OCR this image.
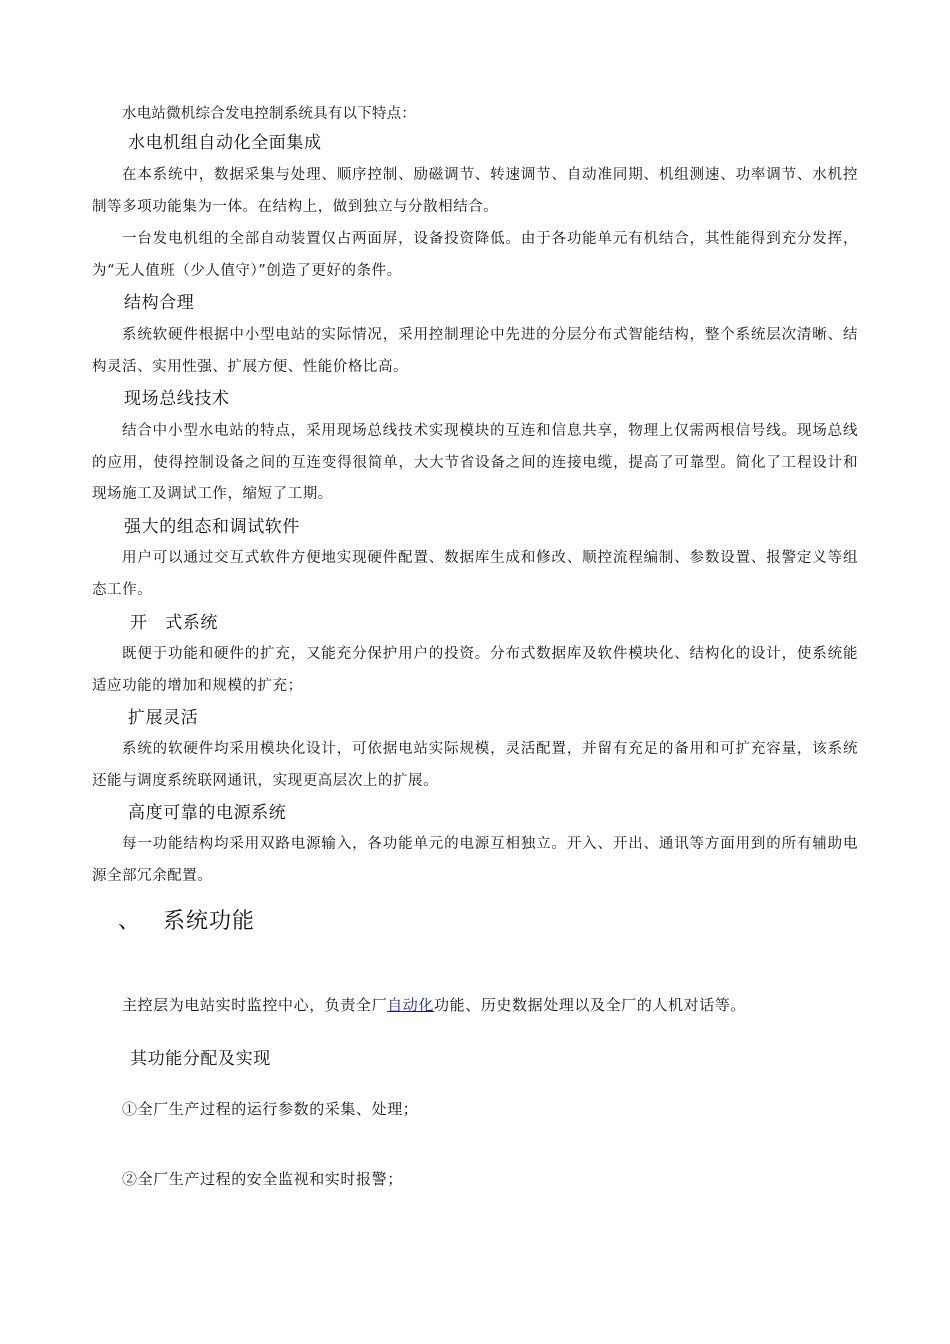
水电站微机综合发电控制系统具有以下特点：
水电机组自动化全面集成
在本系统中，数据采集与处理、顺序控制、励磁调节、转速调节、自动准同期、机组测速、功率调节、水机控制等多项功能集为一体。在结构上，做到独立与分散相结合。
一台发电机组的全部自动装置仅占两面屏，设备投资降低。由于各功能单元有机结合，其性能得到充分发挥，为“无人值班（少人值守）”创造了更好的条件。
结构合理
系统软硬件根据中小型电站的实际情况，采用控制理论中先进的分层分布式智能结构，整个系统层次清晰、结构灵活、实用性强、扩展方便、性能价格比高。
现场总线技术
结合中小型水电站的特点，采用现场总线技术实现模块的互连和信息共享，物理上仅需两根信号线。现场总线的应用，使得控制设备之间的互连变得很简单，大大节省设备之间的连接电缆，提高了可靠型。简化了工程设计和现场施工及调试工作，缩短了工期。
强大的组态和调试软件
用户可以通过交互式软件方便地实现硬件配置、数据库生成和修改、顺控流程编制、参数设置、报警定义等组态工作。
开　式系统
既便于功能和硬件的扩充，又能充分保护用户的投资。分布式数据库及软件模块化、结构化的设计，使系统能适应功能的增加和规模的扩充；
扩展灵活
系统的软硬件均采用模块化设计，可依据电站实际规模，灵活配置，并留有充足的备用和可扩充容量，该系统还能与调度系统联网通讯，实现更高层次上的扩展。
高度可靠的电源系统
每一功能结构均采用双路电源输入，各功能单元的电源互相独立。开入、开出、通讯等方面用到的所有辅助电源全部冗余配置。
、 系统功能
主控层为电站实时监控中心，负责全厂自动化功能、历史数据处理以及全厂的人机对话等。
其功能分配及实现
①全厂生产过程的运行参数的采集、处理；
②全厂生产过程的安全监视和实时报警；
